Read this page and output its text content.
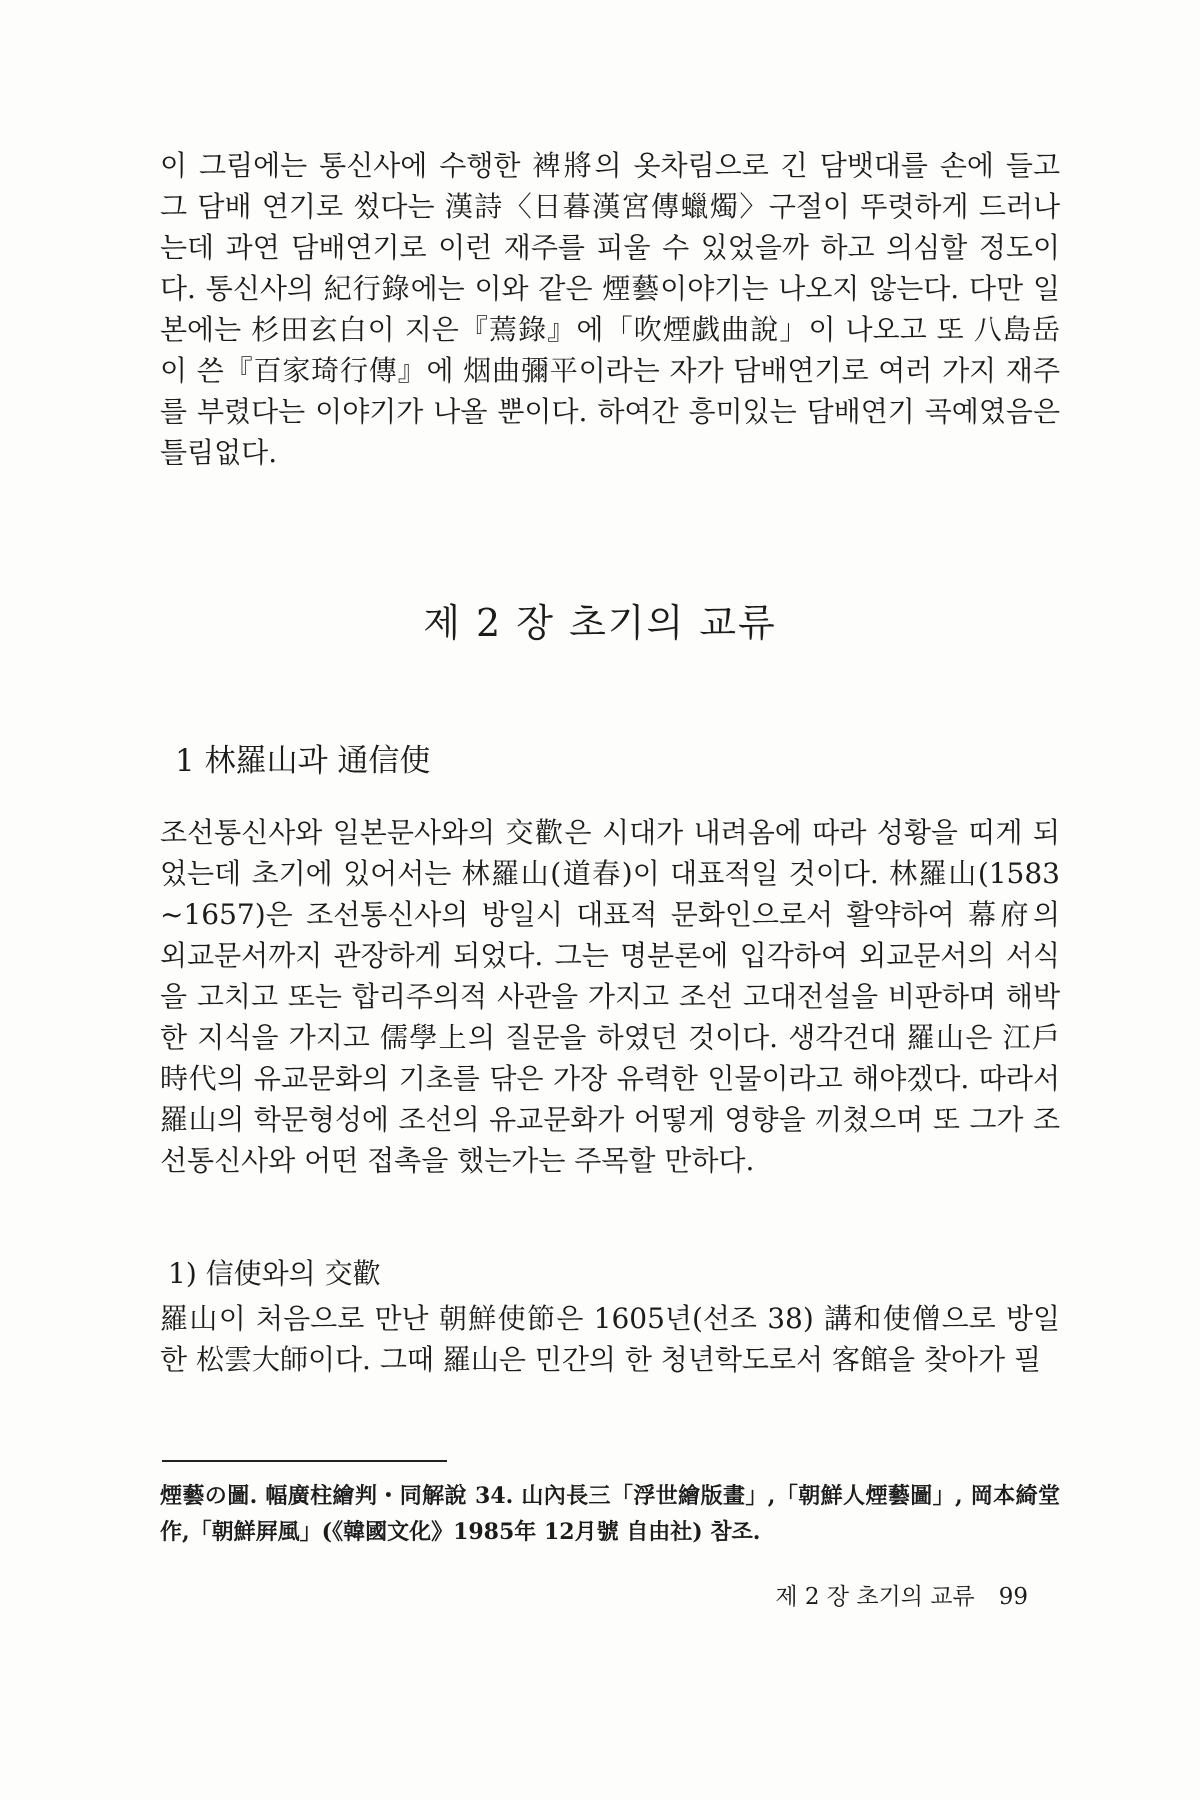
이 그림에는 통신사에 수행한 裨將의 옷차림으로 긴 담뱃대를 손에 들고 그 담배 연기로 썼다는 漢詩〈日暮漢宮傳蠟燭〉구절이 뚜렷하게 드러나는데 과연 담배연기로 이런 재주를 피울 수 있었을까 하고 의심할 정도이다. 통신사의 紀行錄에는 이와 같은 煙藝이야기는 나오지 않는다. 다만 일본에는 杉田玄白이 지은『蔫錄』에「吹煙戯曲說」이 나오고 또 八島岳이 쓴『百家琦行傳』에 烟曲彌平이라는 자가 담배연기로 여러 가지 재주를 부렸다는 이야기가 나올 뿐이다. 하여간 흥미있는 담배연기 곡예였음은 틀림없다.

제 2 장 초기의 교류
1 林羅山과 通信使

조선통신사와 일본문사와의 交歡은 시대가 내려옴에 따라 성황을 띠게 되었는데 초기에 있어서는 林羅山(道春)이 대표적일 것이다. 林羅山(1583~1657)은 조선통신사의 방일시 대표적 문화인으로서 활약하여 幕府의 외교문서까지 관장하게 되었다. 그는 명분론에 입각하여 외교문서의 서식을 고치고 또는 합리주의적 사관을 가지고 조선 고대전설을 비판하며 해박한 지식을 가지고 儒學上의 질문을 하였던 것이다. 생각건대 羅山은 江戶時代의 유교문화의 기초를 닦은 가장 유력한 인물이라고 해야겠다. 따라서 羅山의 학문형성에 조선의 유교문화가 어떻게 영향을 끼쳤으며 또 그가 조선통신사와 어떤 접촉을 했는가는 주목할 만하다.

1) 信使와의 交歡

羅山이 처음으로 만난 朝鮮使節은 1605년(선조 38) 講和使僧으로 방일한 松雲大師이다. 그때 羅山은 민간의 한 청년학도로서 客館을 찾아가 필

煙藝の圖. 幅廣柱繪判・同解說 34. 山內長三「浮世繪版畫」,「朝鮮人煙藝圖」, 岡本綺堂 作,「朝鮮屛風」(《韓國文化》1985年 12月號 自由社) 참조.

제 2 장 초기의 교류 99
